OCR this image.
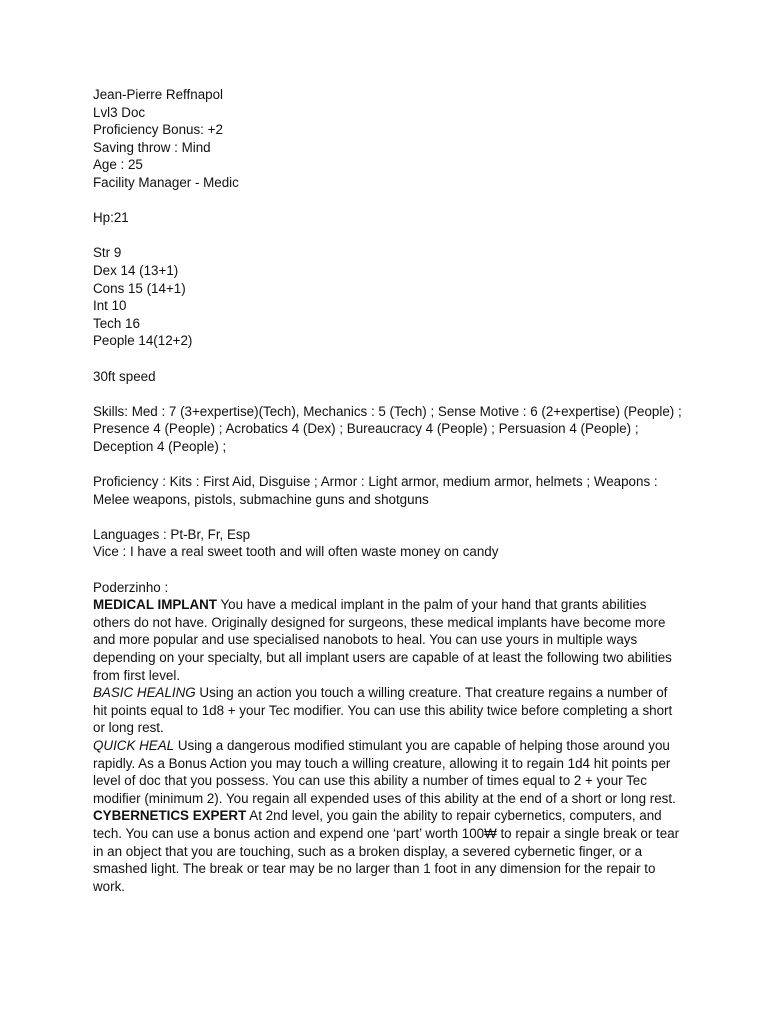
Jean-Pierre Reffnapol
Lvl3 Doc
Proficiency Bonus: +2
Saving throw : Mind
Age : 25
Facility Manager - Medic
Hp:21
Str 9
Dex 14 (13+1)
Cons 15 (14+1)
Int 10
Tech 16
People 14(12+2)
30ft speed
Skills: Med : 7 (3+expertise)(Tech), Mechanics : 5 (Tech) ; Sense Motive : 6 (2+expertise) (People) ; Presence 4 (People) ; Acrobatics 4 (Dex) ; Bureaucracy 4 (People) ; Persuasion 4 (People) ; Deception 4 (People) ;
Proficiency : Kits : First Aid, Disguise ; Armor : Light armor, medium armor, helmets ; Weapons : Melee weapons, pistols, submachine guns and shotguns
Languages : Pt-Br, Fr, Esp
Vice : I have a real sweet tooth and will often waste money on candy
Poderzinho :
MEDICAL IMPLANT You have a medical implant in the palm of your hand that grants abilities others do not have. Originally designed for surgeons, these medical implants have become more and more popular and use specialised nanobots to heal. You can use yours in multiple ways depending on your specialty, but all implant users are capable of at least the following two abilities from first level.
BASIC HEALING Using an action you touch a willing creature. That creature regains a number of hit points equal to 1d8 + your Tec modifier. You can use this ability twice before completing a short or long rest.
QUICK HEAL Using a dangerous modified stimulant you are capable of helping those around you rapidly. As a Bonus Action you may touch a willing creature, allowing it to regain 1d4 hit points per level of doc that you possess. You can use this ability a number of times equal to 2 + your Tec modifier (minimum 2). You regain all expended uses of this ability at the end of a short or long rest.
CYBERNETICS EXPERT At 2nd level, you gain the ability to repair cybernetics, computers, and tech. You can use a bonus action and expend one ‘part’ worth 100₩ to repair a single break or tear in an object that you are touching, such as a broken display, a severed cybernetic finger, or a smashed light. The break or tear may be no larger than 1 foot in any dimension for the repair to work.
